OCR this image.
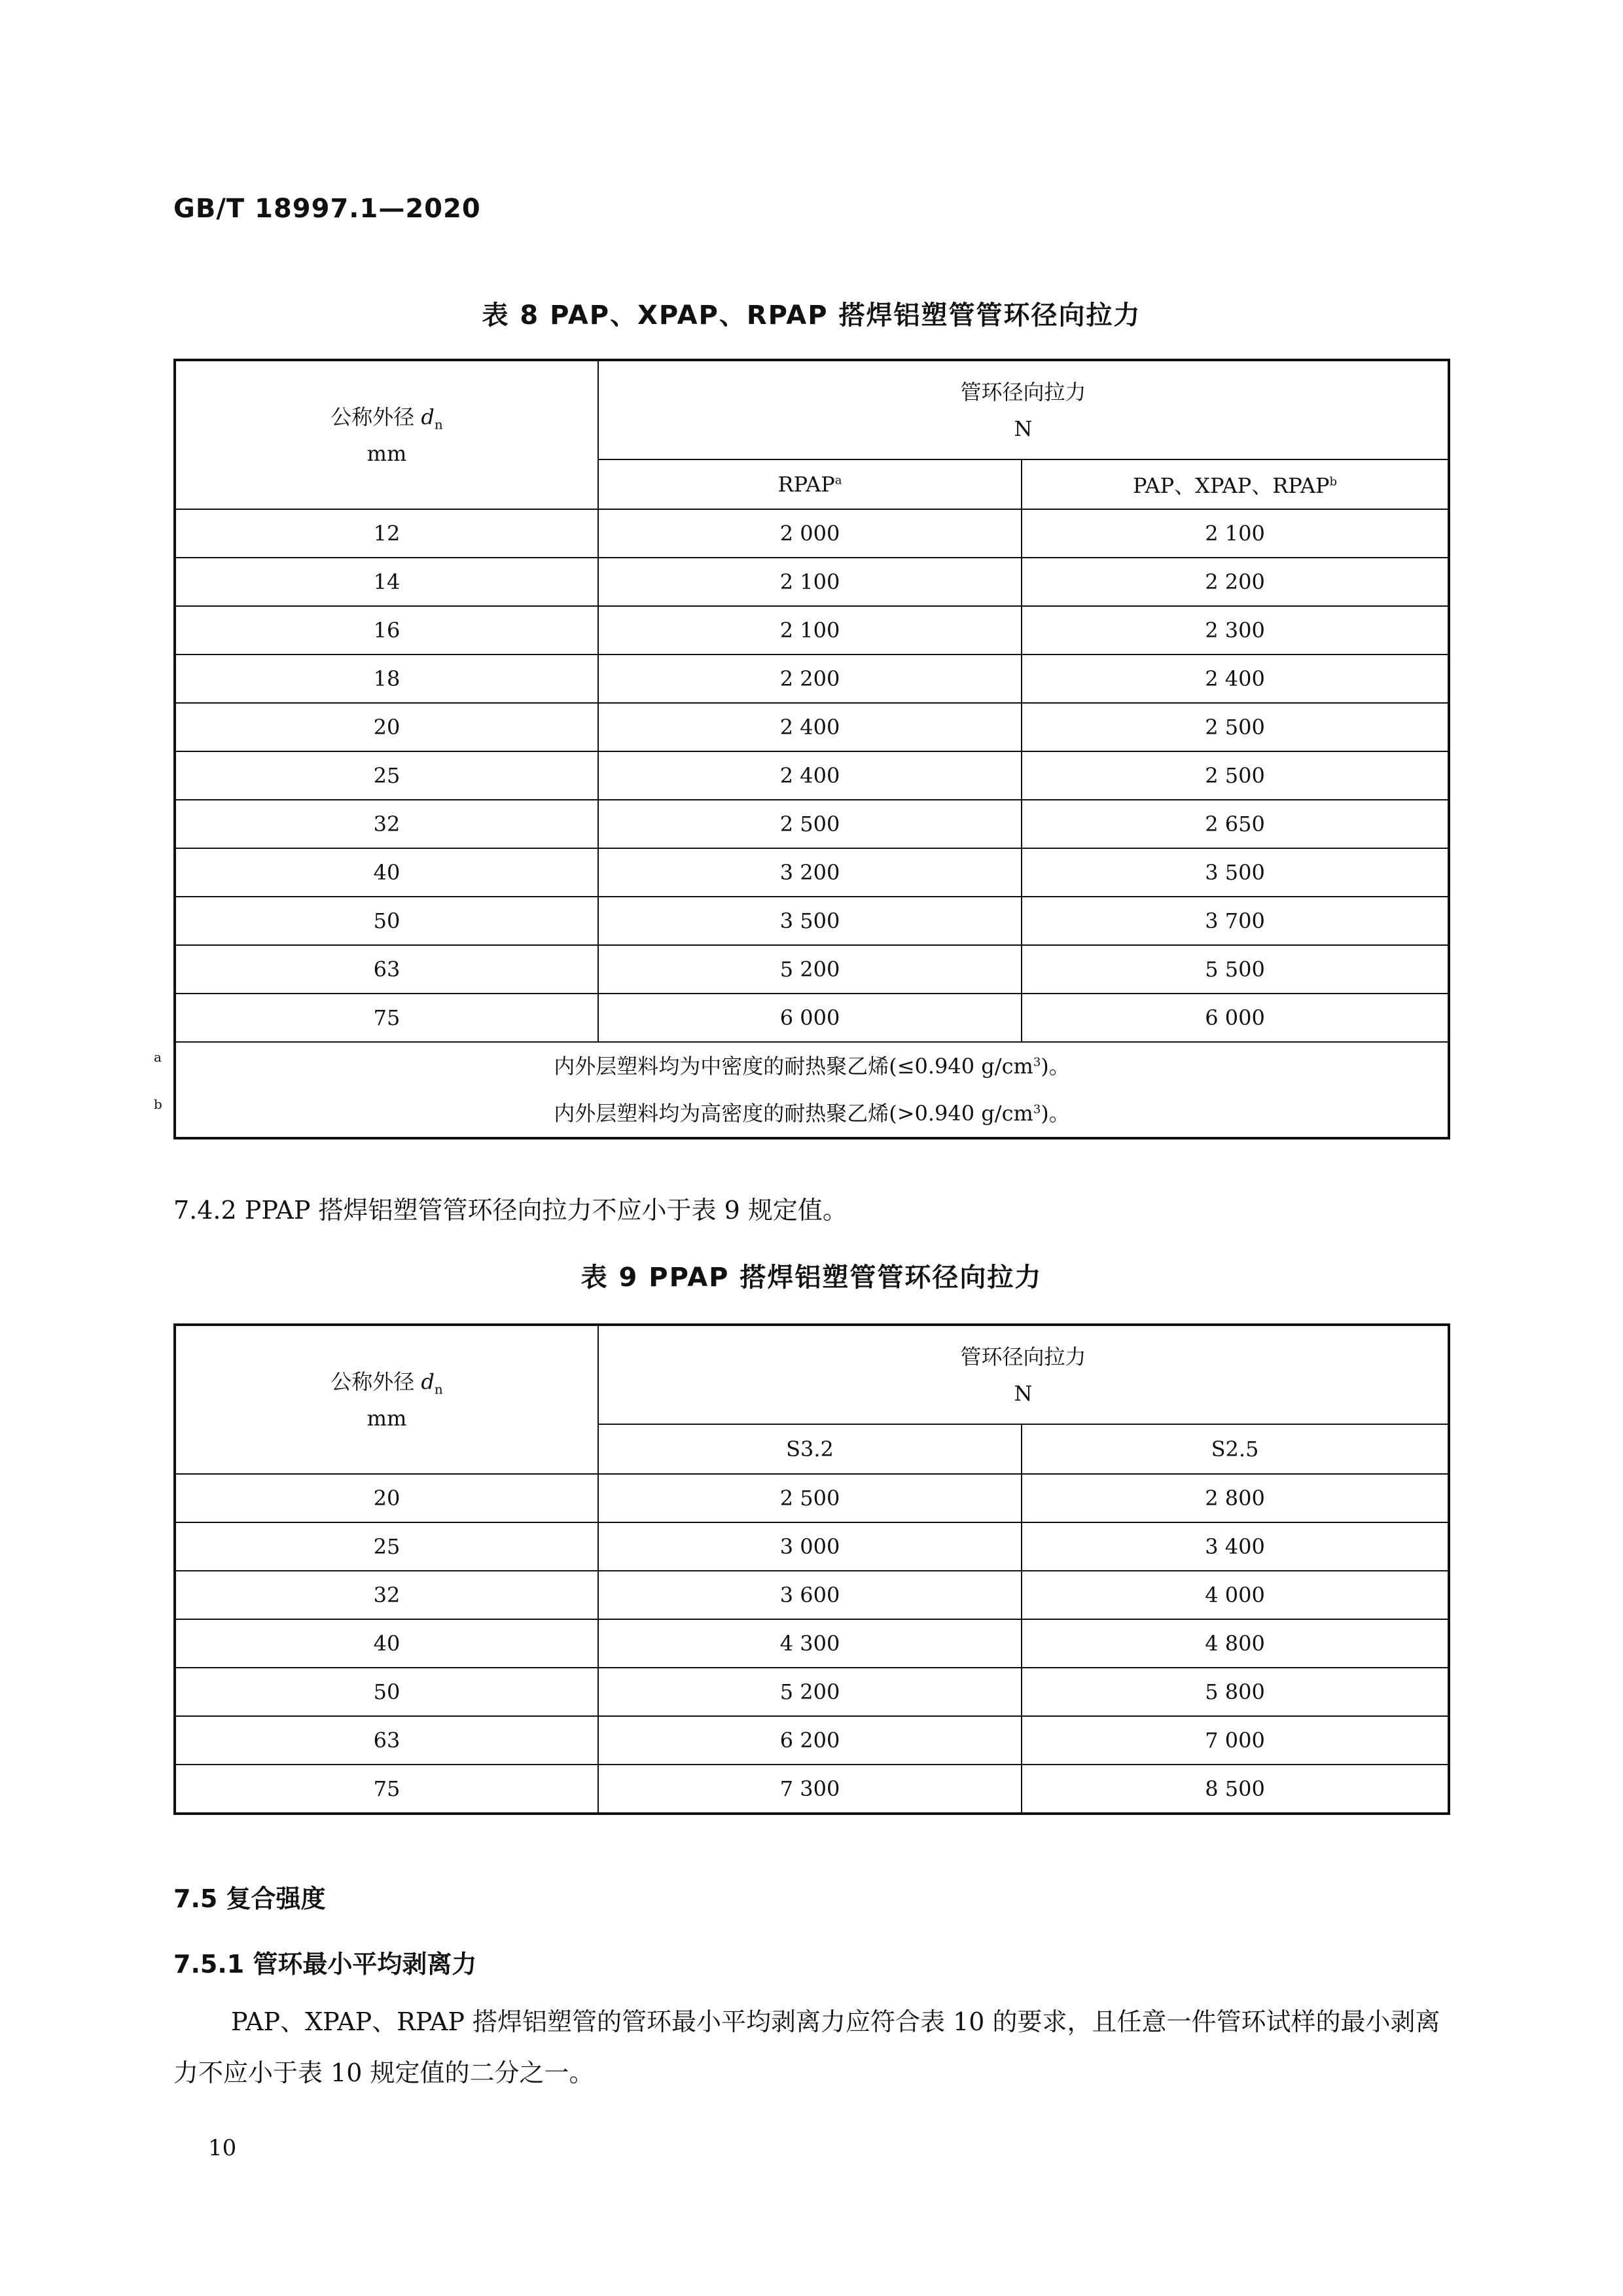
GB/T 18997.1—2020
表 8 PAP、XPAP、RPAP 搭焊铝塑管管环径向拉力
公称外径 $d_n$
mm	管环径向拉力
N	
	RPAP$^a$	PAP、XPAP、RPAP$^b$
12	2 000	2 100
14	2 100	2 200
16	2 100	2 300
18	2 200	2 400
20	2 400	2 500
25	2 400	2 500
32	2 500	2 650
40	3 200	3 500
50	3 500	3 700
63	5 200	5 500
75	6 000	6 000

a 内外层塑料均为中密度的耐热聚乙烯(≤0.940 $g/cm^3$)。
b 内外层塑料均为高密度的耐热聚乙烯(>0.940 $g/cm^3$)。		
7.4.2 PPAP 搭焊铝塑管管环径向拉力不应小于表 9 规定值。
表 9 PPAP 搭焊铝塑管管环径向拉力
公称外径 $d_n$
mm	管环径向拉力
N	
	S3.2	S2.5
20	2 500	2 800
25	3 000	3 400
32	3 600	4 000
40	4 300	4 800
50	5 200	5 800
63	6 200	7 000
75	7 300	8 500
7.5 复合强度
7.5.1 管环最小平均剥离力
PAP、XPAP、RPAP 搭焊铝塑管的管环最小平均剥离力应符合表 10 的要求，且任意一件管环试样的最小剥离力不应小于表 10 规定值的二分之一。
10
